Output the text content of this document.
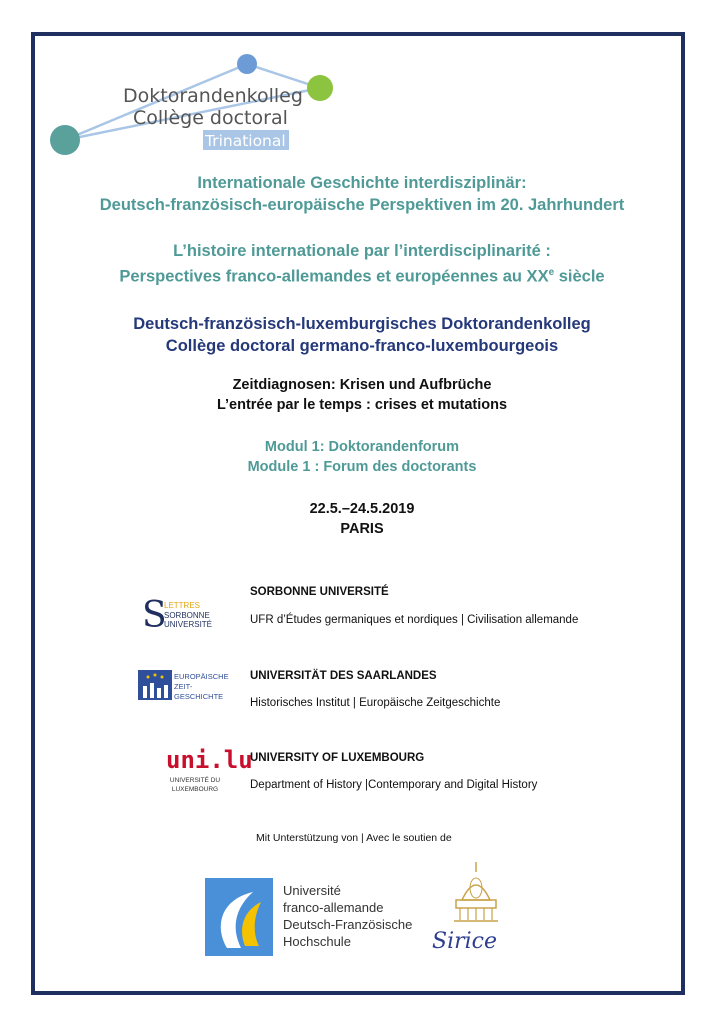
Doktorandenkolleg
Collège doctoral
Trinational
Internationale Geschichte interdisziplinär:
Deutsch-französisch-europäische Perspektiven im 20. Jahrhundert
L’histoire internationale par l’interdisciplinarité :
Perspectives franco-allemandes et européennes au XXe siècle
Deutsch-französisch-luxemburgisches Doktorandenkolleg
Collège doctoral germano-franco-luxembourgeois
Zeitdiagnosen: Krisen und Aufbrüche
L’entrée par le temps : crises et mutations
Modul 1: Doktorandenforum
Module 1 : Forum des doctorants
22.5.–24.5.2019
PARIS
S
LETTRES
SORBONNE
UNIVERSITÉ
SORBONNE UNIVERSITÉ
UFR d’Études germaniques et nordiques | Civilisation allemande
EUROPÄISCHE
ZEIT-
GESCHICHTE
UNIVERSITÄT DES SAARLANDES
Historisches Institut | Europäische Zeitgeschichte
uni.lu
UNIVERSITÉ DU
LUXEMBOURG
UNIVERSITY OF LUXEMBOURG
Department of History |Contemporary and Digital History
Mit Unterstützung von | Avec le soutien de
Université
franco-allemande
Deutsch-Französische
Hochschule	Sirice
